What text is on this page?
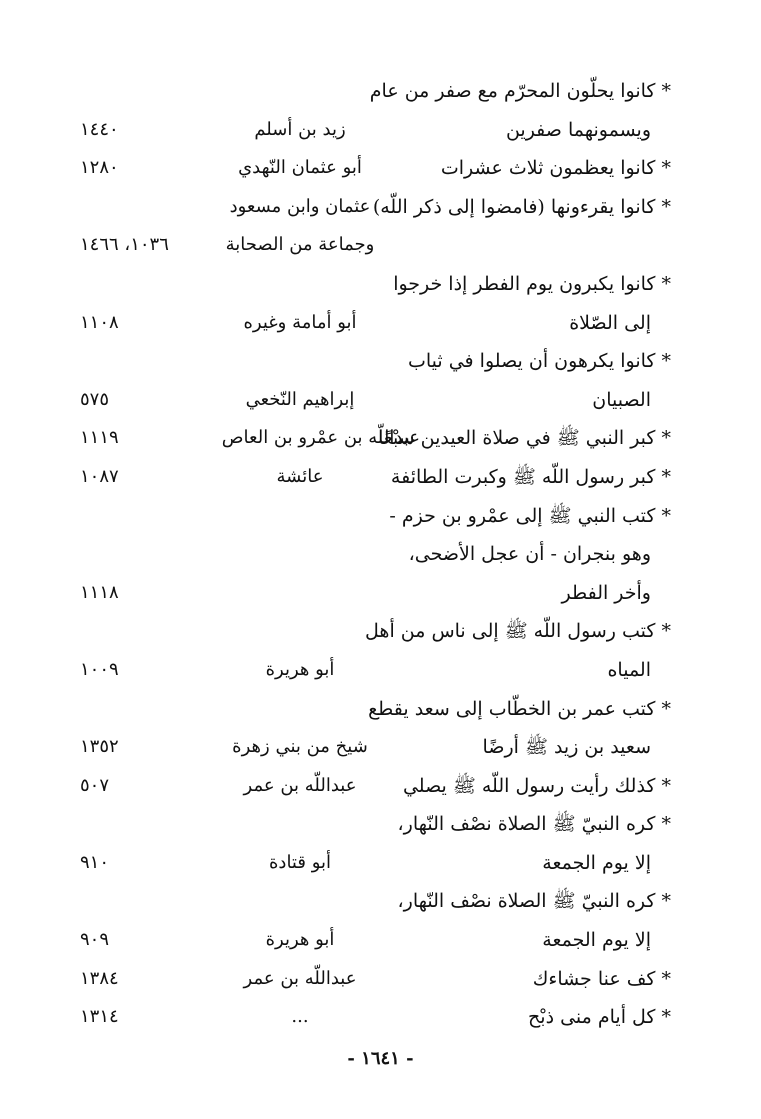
* كانوا يحلّون المحرّم مع صفر من عام
ويسمونهما صفرين
زيد بن أسلم
١٤٤٠
* كانوا يعظمون ثلاث عشرات
أبو عثمان النّهدي
١٢٨٠
* كانوا يقرءونها (فامضوا إلى ذكر اللّه)
عثمان وابن مسعود
وجماعة من الصحابة
١٠٣٦، ١٤٦٦
* كانوا يكبرون يوم الفطر إذا خرجوا
إلى الصّلاة
أبو أمامة وغيره
١١٠٨
* كانوا يكرهون أن يصلوا في ثياب
الصبيان
إبراهيم النّخعي
٥٧٥
* كبر النبي ﷺ في صلاة العيدين سبْعًا
عبداللّه بن عمْرو بن العاص
١١١٩
* كبر رسول اللّه ﷺ وكبرت الطائفة
عائشة
١٠٨٧
* كتب النبي ﷺ إلى عمْرو بن حزم -
وهو بنجران - أن عجل الأضحى،
وأخر الفطر
١١١٨
* كتب رسول اللّه ﷺ إلى ناس من أهل
المياه
أبو هريرة
١٠٠٩
* كتب عمر بن الخطّاب إلى سعد يقطع
سعيد بن زيد ﷺ أرضًا
شيخ من بني زهرة
١٣٥٢
* كذلك رأيت رسول اللّه ﷺ يصلي
عبداللّه بن عمر
٥٠٧
* كره النبيّ ﷺ الصلاة نصْف النّهار،
إلا يوم الجمعة
أبو قتادة
٩١٠
* كره النبيّ ﷺ الصلاة نصْف النّهار،
إلا يوم الجمعة
أبو هريرة
٩٠٩
* كف عنا جشاءك
عبداللّه بن عمر
١٣٨٤
* كل أيام منى ذبْح
...
١٣١٤
- ١٦٤١ -
